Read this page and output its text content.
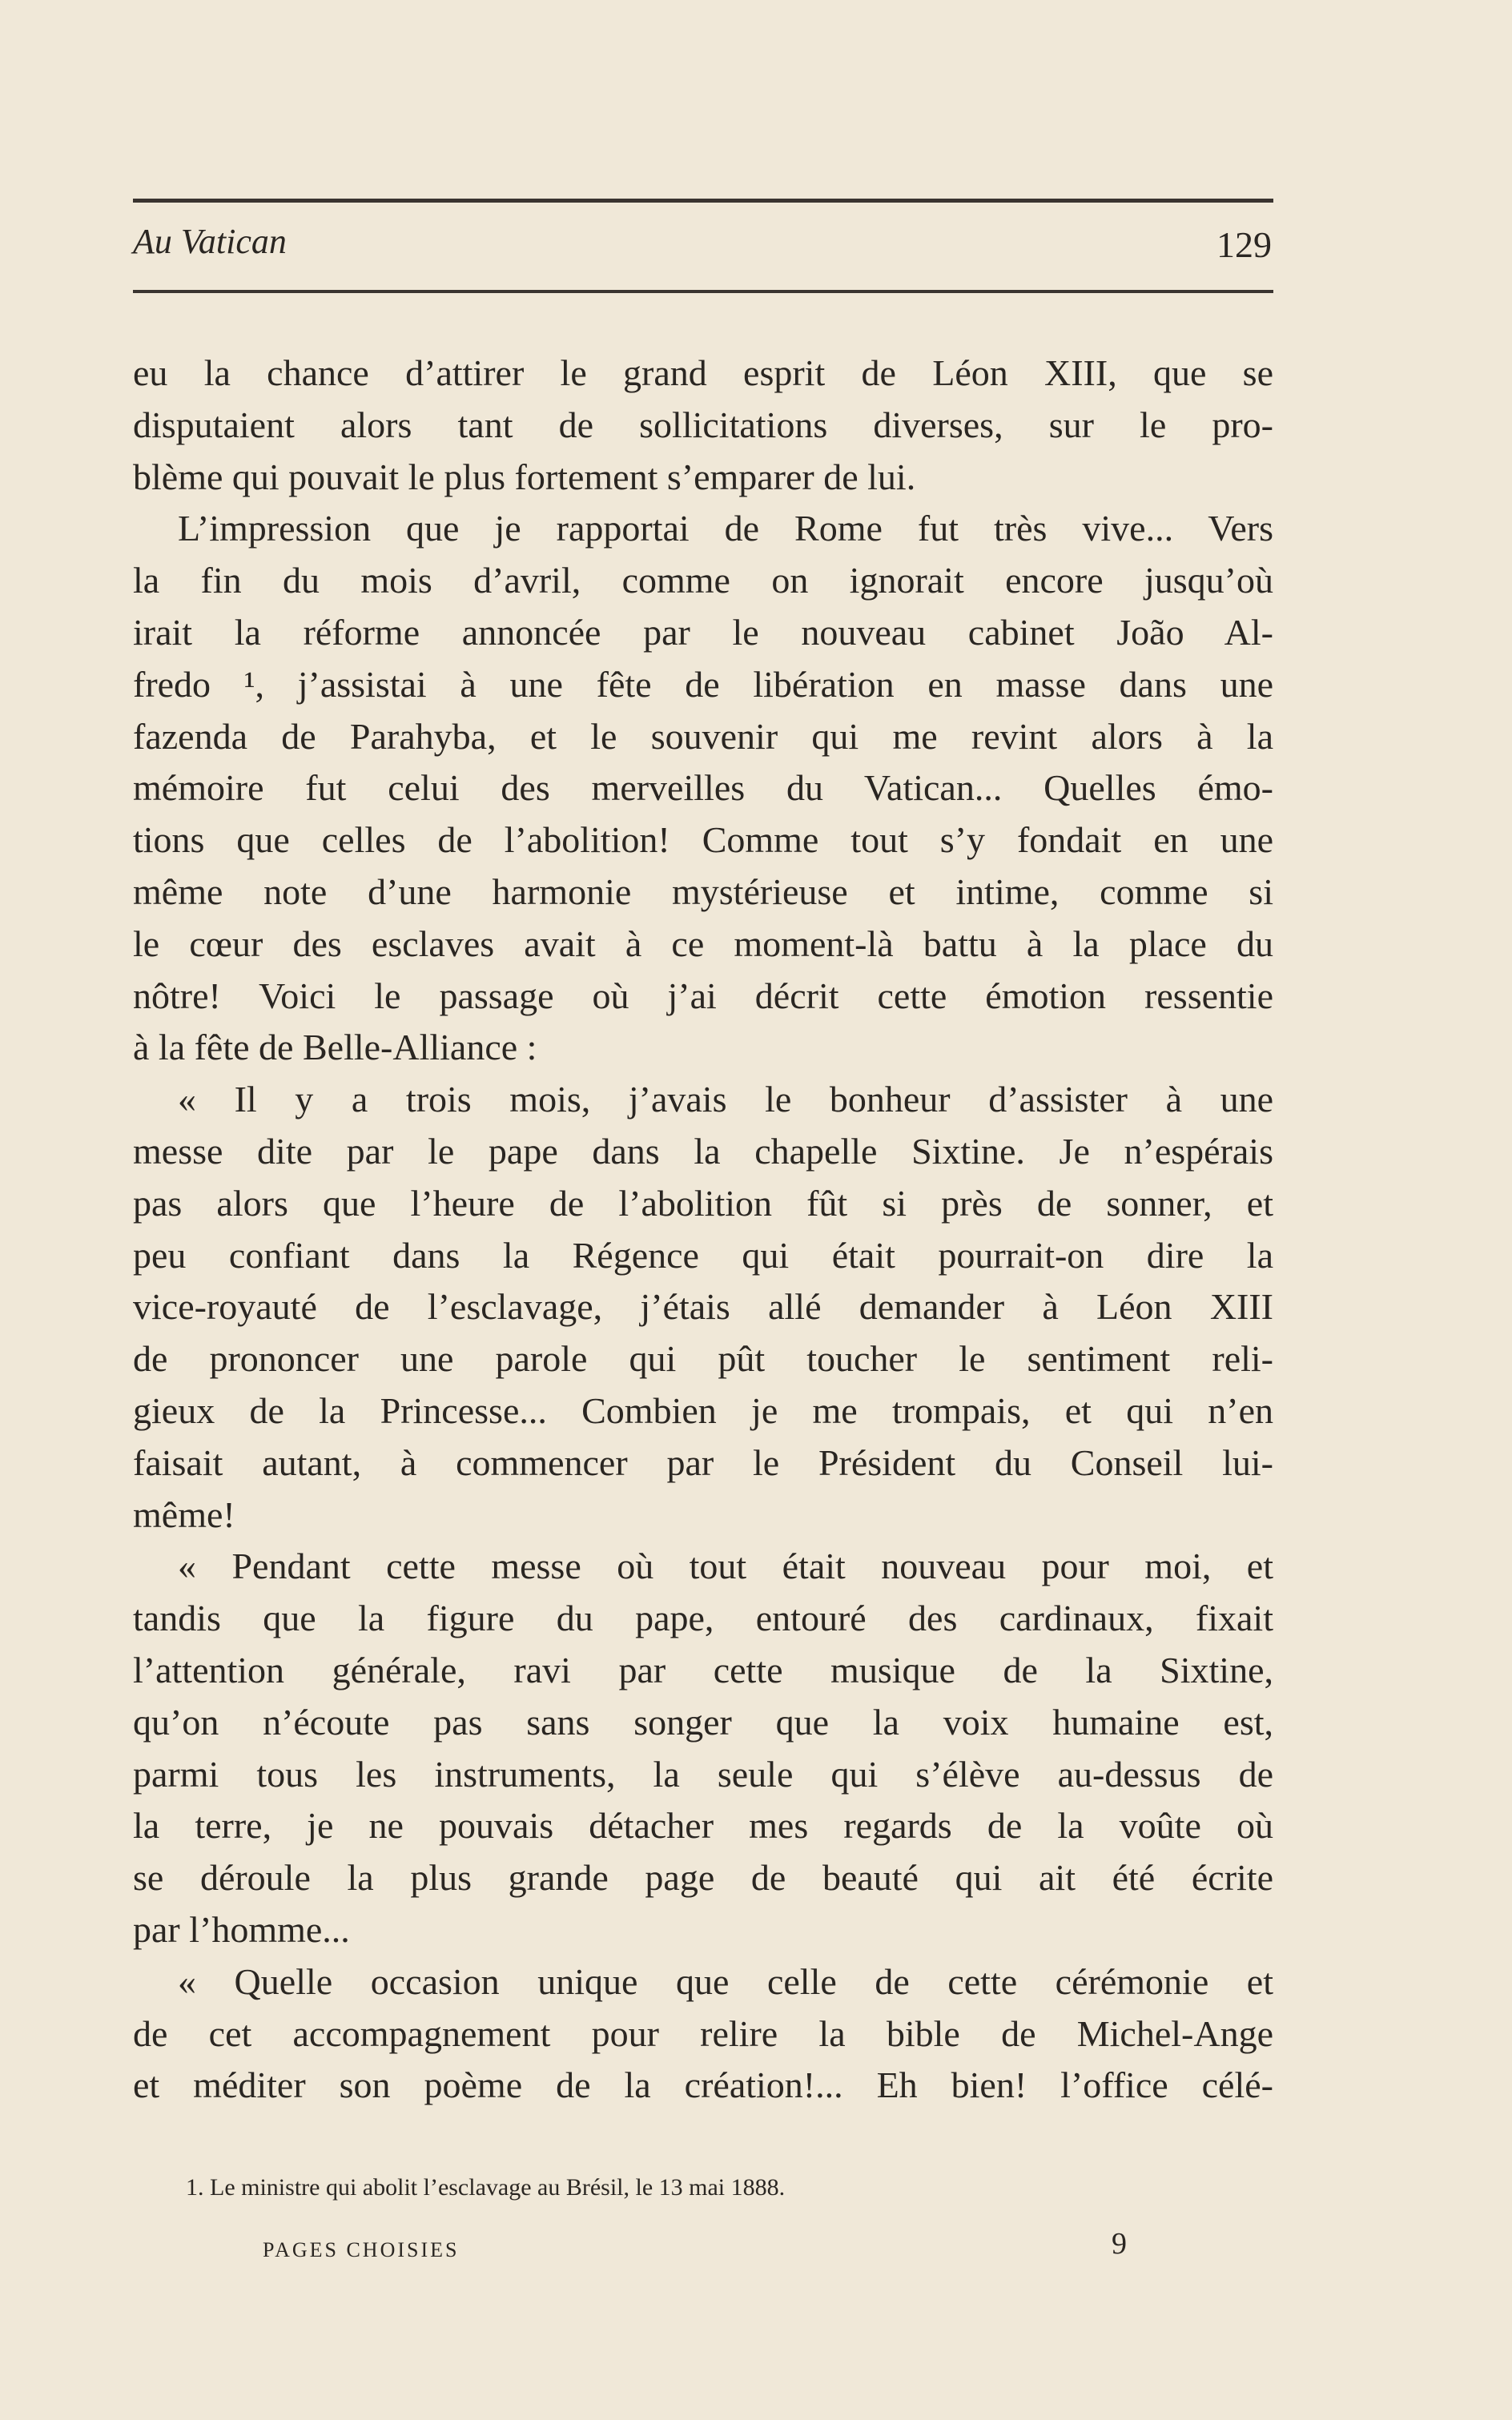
Au Vatican	129
eu la chance d’attirer le grand esprit de Léon XIII, que se
disputaient alors tant de sollicitations diverses, sur le pro-
blème qui pouvait le plus fortement s’emparer de lui.
L’impression que je rapportai de Rome fut très vive... Vers
la fin du mois d’avril, comme on ignorait encore jusqu’où
irait la réforme annoncée par le nouveau cabinet João Al-
fredo ¹, j’assistai à une fête de libération en masse dans une
fazenda de Parahyba, et le souvenir qui me revint alors à la
mémoire fut celui des merveilles du Vatican... Quelles émo-
tions que celles de l’abolition! Comme tout s’y fondait en une
même note d’une harmonie mystérieuse et intime, comme si
le cœur des esclaves avait à ce moment-là battu à la place du
nôtre! Voici le passage où j’ai décrit cette émotion ressentie
à la fête de Belle-Alliance :
« Il y a trois mois, j’avais le bonheur d’assister à une
messe dite par le pape dans la chapelle Sixtine. Je n’espérais
pas alors que l’heure de l’abolition fût si près de sonner, et
peu confiant dans la Régence qui était pourrait-on dire la
vice-royauté de l’esclavage, j’étais allé demander à Léon XIII
de prononcer une parole qui pût toucher le sentiment reli-
gieux de la Princesse... Combien je me trompais, et qui n’en
faisait autant, à commencer par le Président du Conseil lui-
même!
« Pendant cette messe où tout était nouveau pour moi, et
tandis que la figure du pape, entouré des cardinaux, fixait
l’attention générale, ravi par cette musique de la Sixtine,
qu’on n’écoute pas sans songer que la voix humaine est,
parmi tous les instruments, la seule qui s’élève au-dessus de
la terre, je ne pouvais détacher mes regards de la voûte où
se déroule la plus grande page de beauté qui ait été écrite
par l’homme...
« Quelle occasion unique que celle de cette cérémonie et
de cet accompagnement pour relire la bible de Michel-Ange
et méditer son poème de la création!... Eh bien! l’office célé-
1. Le ministre qui abolit l’esclavage au Brésil, le 13 mai 1888.
PAGES CHOISIES	9
